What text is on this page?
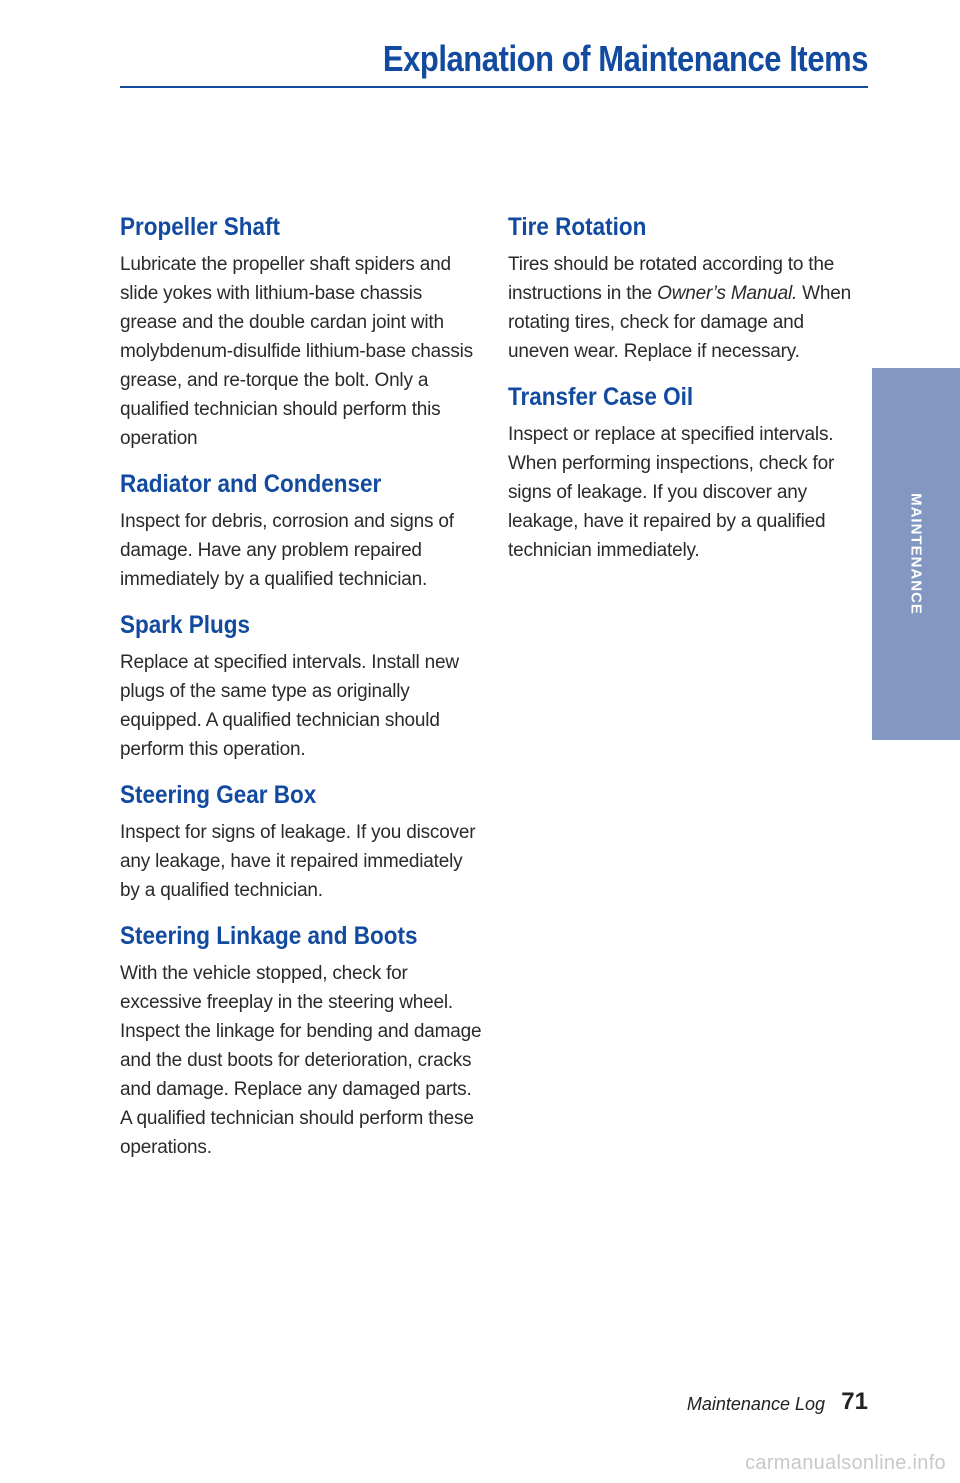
Explanation of Maintenance Items
Propeller Shaft

Lubricate the propeller shaft spiders and slide yokes with lithium-base chassis grease and the double cardan joint with molybdenum-disulfide lithium-base chassis grease, and re-torque the bolt. Only a qualified technician should perform this operation

Radiator and Condenser

Inspect for debris, corrosion and signs of damage. Have any problem repaired immediately by a qualified technician.

Spark Plugs

Replace at specified intervals. Install new plugs of the same type as originally equipped. A qualified technician should perform this operation.

Steering Gear Box

Inspect for signs of leakage. If you discover any leakage, have it repaired immediately by a qualified technician.

Steering Linkage and Boots

With the vehicle stopped, check for excessive freeplay in the steering wheel. Inspect the linkage for bending and damage and the dust boots for deterioration, cracks and damage. Replace any damaged parts. A qualified technician should perform these operations.

Tire Rotation

Tires should be rotated according to the instructions in the Owner’s Manual. When rotating tires, check for damage and uneven wear. Replace if necessary.

Transfer Case Oil

Inspect or replace at specified intervals. When performing inspections, check for signs of leakage. If you discover any leakage, have it repaired by a qualified technician immediately.	MAINTENANCE
Maintenance Log 71
carmanualsonline.info
